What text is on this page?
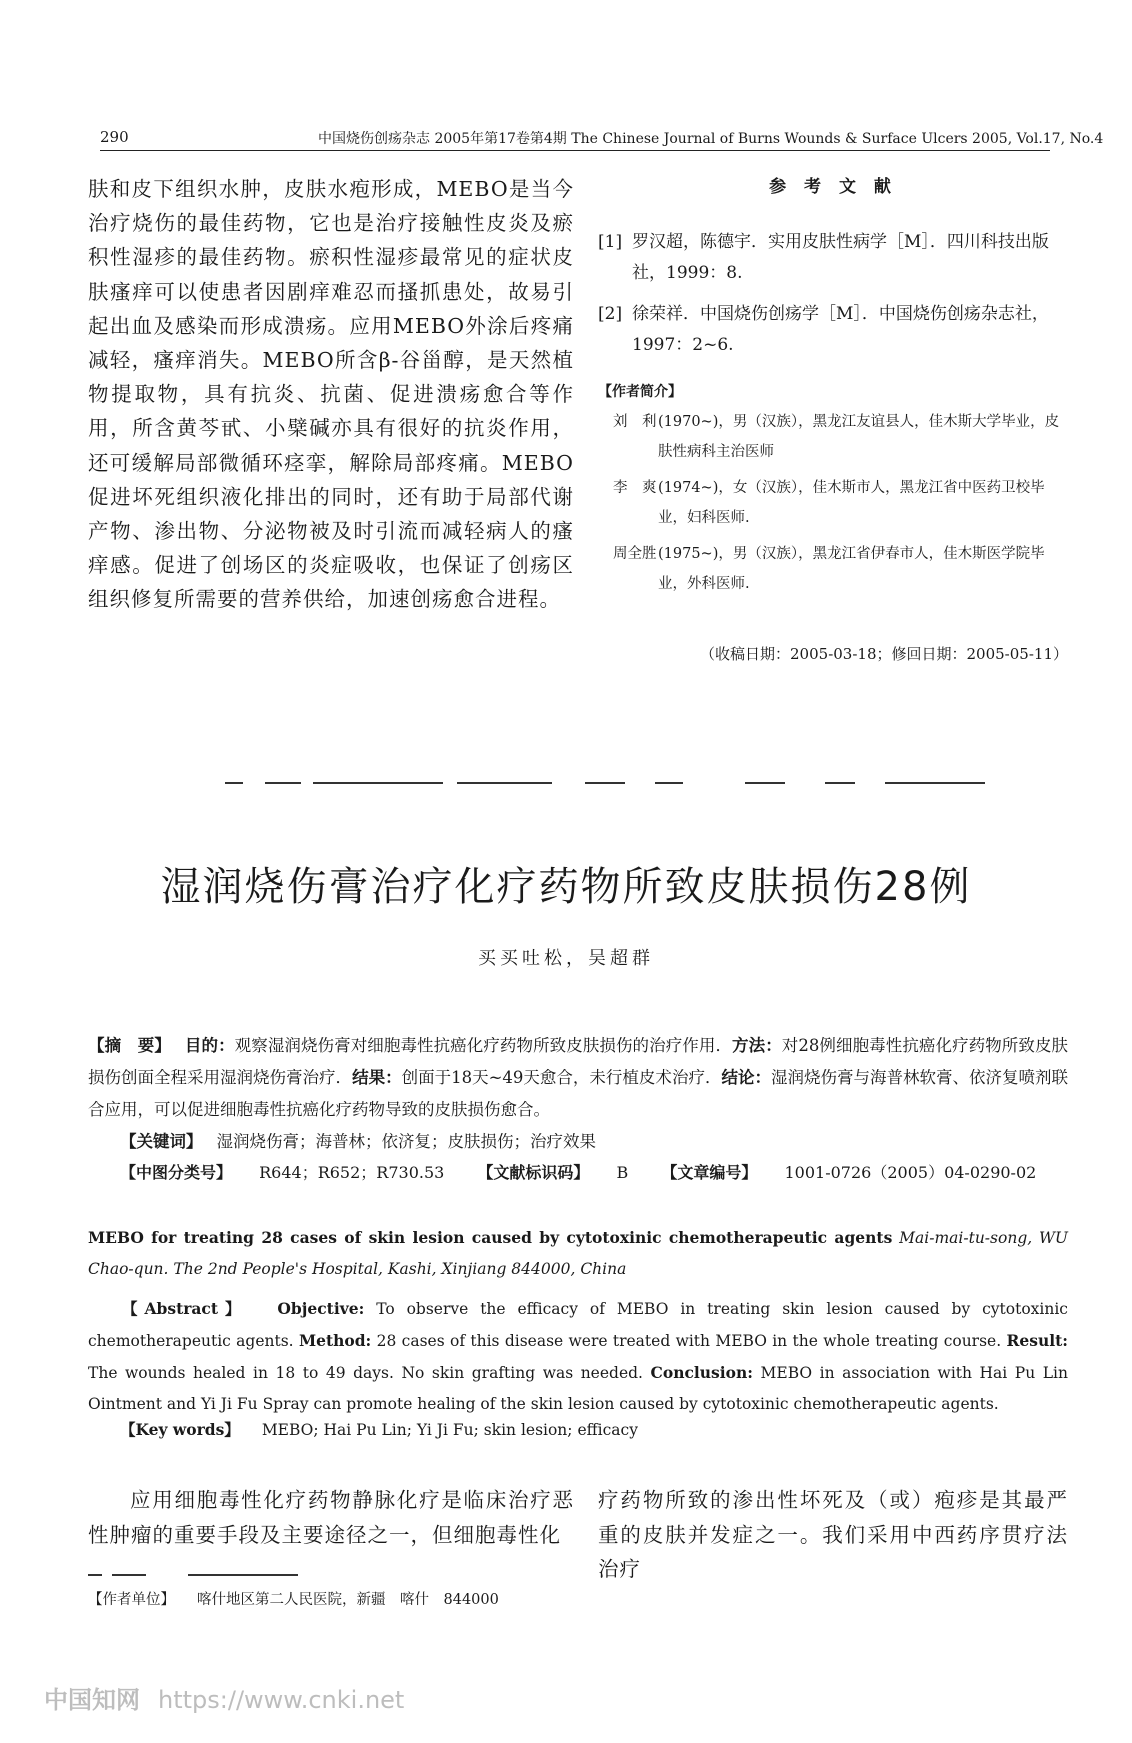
290	中国烧伤创疡杂志 2005年第17卷第4期 The Chinese Journal of Burns Wounds & Surface Ulcers 2005, Vol.17, No.4
肤和皮下组织水肿，皮肤水疱形成，MEBO是当今治疗烧伤的最佳药物，它也是治疗接触性皮炎及瘀积性湿疹的最佳药物。瘀积性湿疹最常见的症状皮肤瘙痒可以使患者因剧痒难忍而搔抓患处，故易引起出血及感染而形成溃疡。应用MEBO外涂后疼痛减轻，瘙痒消失。MEBO所含β-谷甾醇，是天然植物提取物，具有抗炎、抗菌、促进溃疡愈合等作用，所含黄芩甙、小檗碱亦具有很好的抗炎作用，还可缓解局部微循环痉挛，解除局部疼痛。MEBO促进坏死组织液化排出的同时，还有助于局部代谢产物、渗出物、分泌物被及时引流而减轻病人的瘙痒感。促进了创场区的炎症吸收，也保证了创疡区组织修复所需要的营养供给，加速创疡愈合进程。
参 考 文 献
[1] 罗汉超，陈德宇．实用皮肤性病学［M］．四川科技出版社，1999：8.
[2] 徐荣祥．中国烧伤创疡学［M］．中国烧伤创疡杂志社，1997：2~6.
【作者简介】
刘　利 (1970~)，男（汉族），黑龙江友谊县人，佳木斯大学毕业，皮肤性病科主治医师
李　爽 (1974~)，女（汉族），佳木斯市人，黑龙江省中医药卫校毕业，妇科医师.
周全胜 (1975~)，男（汉族），黑龙江省伊春市人，佳木斯医学院毕业，外科医师.
（收稿日期：2005-03-18；修回日期：2005-05-11）
湿润烧伤膏治疗化疗药物所致皮肤损伤28例
买买吐松，吴超群
【摘　要】 目的：观察湿润烧伤膏对细胞毒性抗癌化疗药物所致皮肤损伤的治疗作用．方法：对28例细胞毒性抗癌化疗药物所致皮肤损伤创面全程采用湿润烧伤膏治疗．结果：创面于18天~49天愈合，未行植皮术治疗．结论：湿润烧伤膏与海普林软膏、依济复喷剂联合应用，可以促进细胞毒性抗癌化疗药物导致的皮肤损伤愈合。
【关键词】 湿润烧伤膏；海普林；依济复；皮肤损伤；治疗效果
【中图分类号】 R644；R652；R730.53 【文献标识码】 B 【文章编号】 1001-0726（2005）04-0290-02
MEBO for treating 28 cases of skin lesion caused by cytotoxinic chemotherapeutic agents Mai-mai-tu-song, WU Chao-qun. The 2nd People's Hospital, Kashi, Xinjiang 844000, China
【Abstract】 Objective: To observe the efficacy of MEBO in treating skin lesion caused by cytotoxinic chemotherapeutic agents. Method: 28 cases of this disease were treated with MEBO in the whole treating course. Result: The wounds healed in 18 to 49 days. No skin grafting was needed. Conclusion: MEBO in association with Hai Pu Lin Ointment and Yi Ji Fu Spray can promote healing of the skin lesion caused by cytotoxinic chemotherapeutic agents.
【Key words】 MEBO; Hai Pu Lin; Yi Ji Fu; skin lesion; efficacy
应用细胞毒性化疗药物静脉化疗是临床治疗恶性肿瘤的重要手段及主要途径之一，但细胞毒性化
疗药物所致的渗出性坏死及（或）疱疹是其最严重的皮肤并发症之一。我们采用中西药序贯疗法治疗
【作者单位】 喀什地区第二人民医院，新疆　喀什　844000
中国知网 https://www.cnki.net
